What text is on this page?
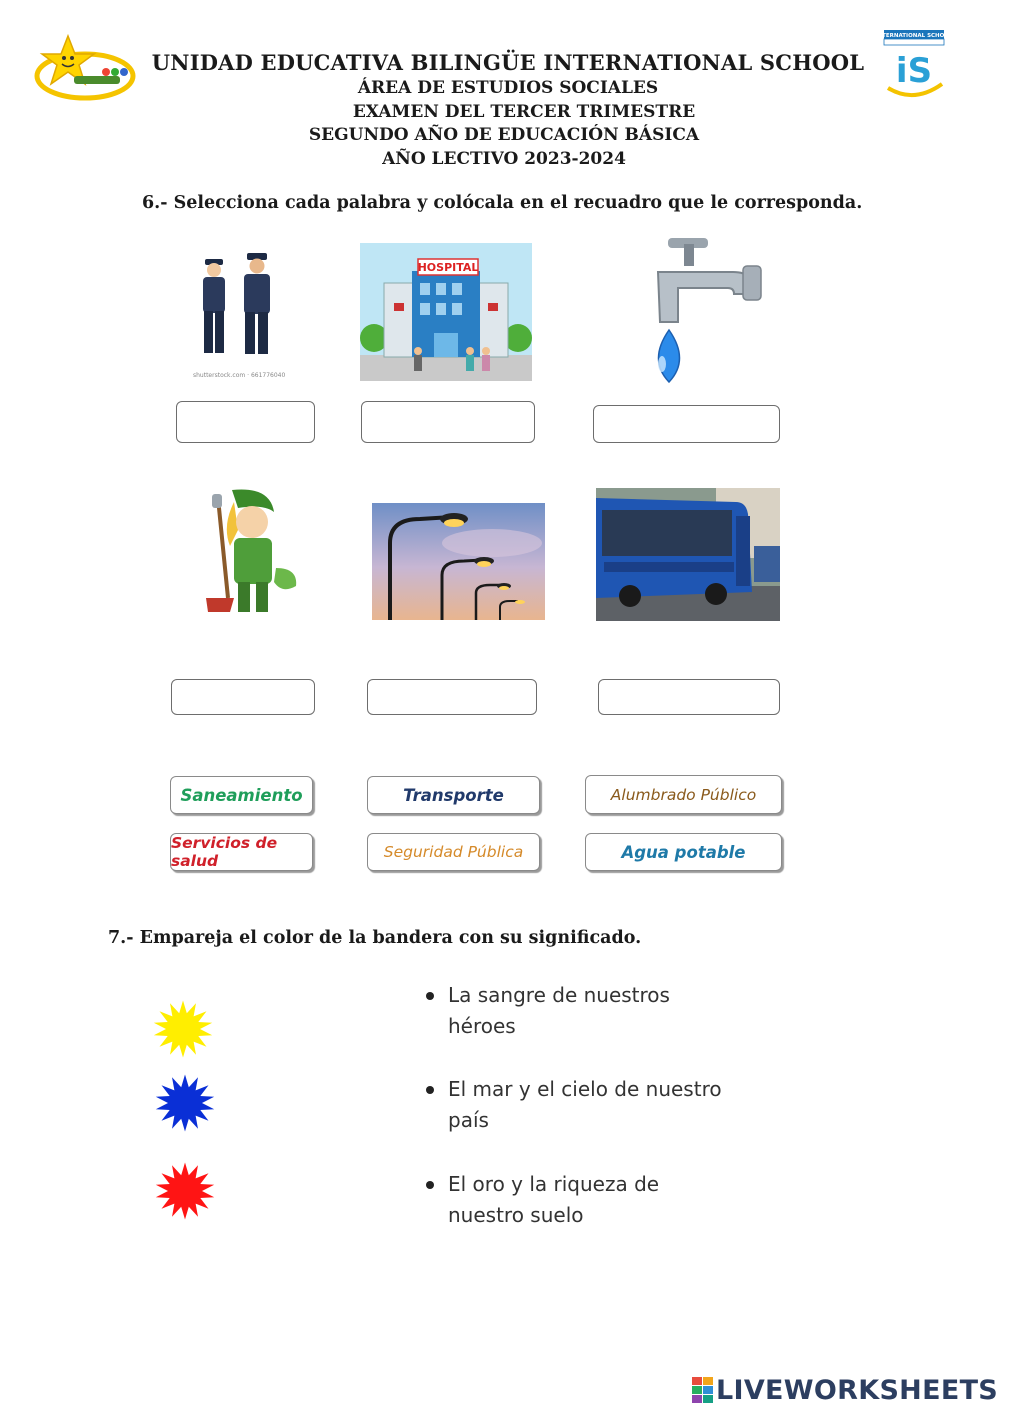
INTERNATIONAL SCHOOL
iS
UNIDAD EDUCATIVA BILINGÜE INTERNATIONAL SCHOOL
ÁREA DE ESTUDIOS SOCIALES
EXAMEN DEL TERCER TRIMESTRE
SEGUNDO AÑO DE EDUCACIÓN BÁSICA
AÑO LECTIVO 2023-2024
6.- Selecciona cada palabra y colócala en el recuadro que le corresponda.
shutterstock.com · 661776040
HOSPITAL
Saneamiento	Transporte	Alumbrado Público
Servicios de salud	Seguridad Pública	Agua potable
7.- Empareja el color de la bandera con su significado.
La sangre de nuestros héroes
El mar y el cielo de nuestro país
El oro y la riqueza de nuestro suelo
LIVEWORKSHEETS
